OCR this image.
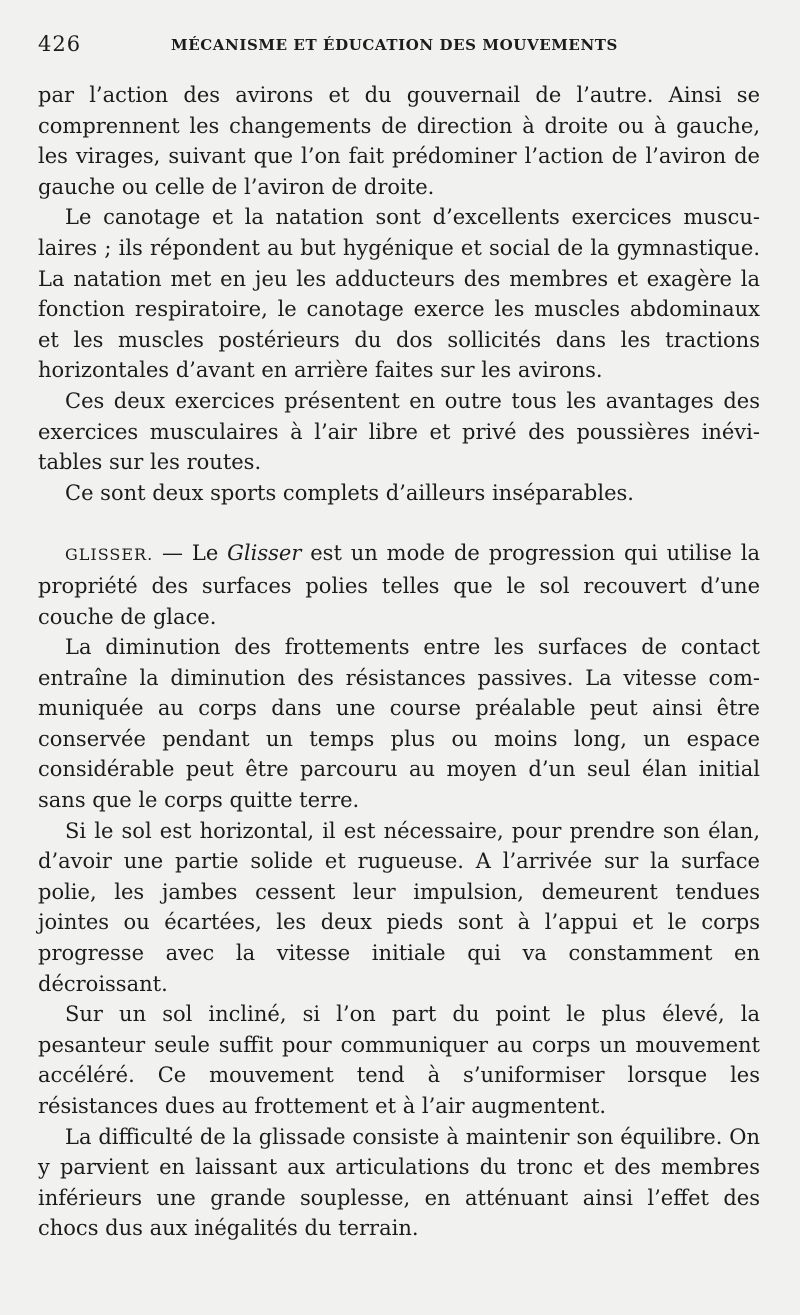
426	MÉCANISME ET ÉDUCATION DES MOUVEMENTS

par l’action des avirons et du gouvernail de l’autre. Ainsi se comprennent les changements de direction à droite ou à gauche, les virages, suivant que l’on fait prédominer l’action de l’aviron de gauche ou celle de l’aviron de droite.

Le canotage et la natation sont d’excellents exercices musculaires ; ils répondent au but hygénique et social de la gymnastique. La natation met en jeu les adducteurs des membres et exagère la fonction respiratoire, le canotage exerce les muscles abdominaux et les muscles postérieurs du dos sollicités dans les tractions horizontales d’avant en arrière faites sur les avirons.

Ces deux exercices présentent en outre tous les avantages des exercices musculaires à l’air libre et privé des poussières inévitables sur les routes.

Ce sont deux sports complets d’ailleurs inséparables.

GLISSER. — Le Glisser est un mode de progression qui utilise la propriété des surfaces polies telles que le sol recouvert d’une couche de glace.

La diminution des frottements entre les surfaces de contact entraîne la diminution des résistances passives. La vitesse communiquée au corps dans une course préalable peut ainsi être conservée pendant un temps plus ou moins long, un espace considérable peut être parcouru au moyen d’un seul élan initial sans que le corps quitte terre.

Si le sol est horizontal, il est nécessaire, pour prendre son élan, d’avoir une partie solide et rugueuse. A l’arrivée sur la surface polie, les jambes cessent leur impulsion, demeurent tendues jointes ou écartées, les deux pieds sont à l’appui et le corps progresse avec la vitesse initiale qui va constamment en décroissant.

Sur un sol incliné, si l’on part du point le plus élevé, la pesanteur seule suffit pour communiquer au corps un mouvement accéléré. Ce mouvement tend à s’uniformiser lorsque les résistances dues au frottement et à l’air augmentent.

La difficulté de la glissade consiste à maintenir son équilibre. On y parvient en laissant aux articulations du tronc et des membres inférieurs une grande souplesse, en atténuant ainsi l’effet des chocs dus aux inégalités du terrain.
